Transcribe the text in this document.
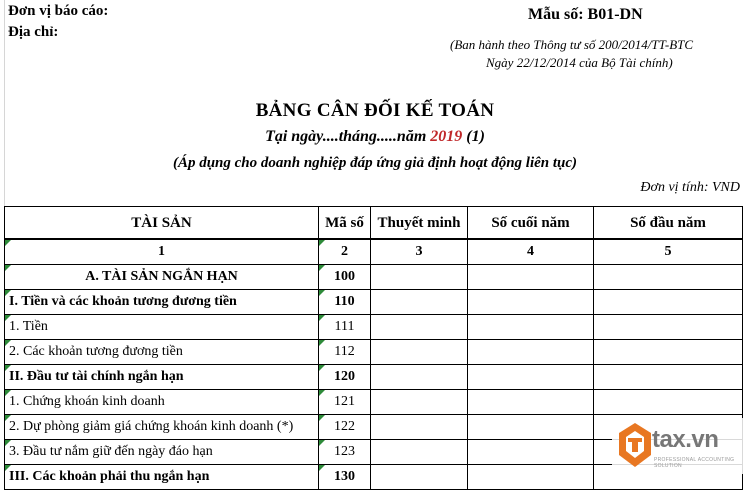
Đơn vị báo cáo:
Địa chỉ:
Mẫu số: B01-DN
(Ban hành theo Thông tư số 200/2014/TT-BTC
Ngày 22/12/2014 của Bộ Tài chính)
BẢNG CÂN ĐỐI KẾ TOÁN
Tại ngày....tháng.....năm 2019 (1)
(Áp dụng cho doanh nghiệp đáp ứng giả định hoạt động liên tục)
Đơn vị tính: VND
TÀI SẢN	Mã số	Thuyết minh	Số cuối năm	Số đầu năm
1	2	3	4	5
A. TÀI SẢN NGẮN HẠN	100			
I. Tiền và các khoản tương đương tiền	110			
1. Tiền	111			
2. Các khoản tương đương tiền	112			
II. Đầu tư tài chính ngắn hạn	120			
1. Chứng khoán kinh doanh	121			
2. Dự phòng giảm giá chứng khoán kinh doanh (*)	122			
3. Đầu tư nắm giữ đến ngày đáo hạn	123			
III. Các khoản phải thu ngắn hạn	130			
tax.vn
PROFESSIONAL ACCOUNTING SOLUTION
